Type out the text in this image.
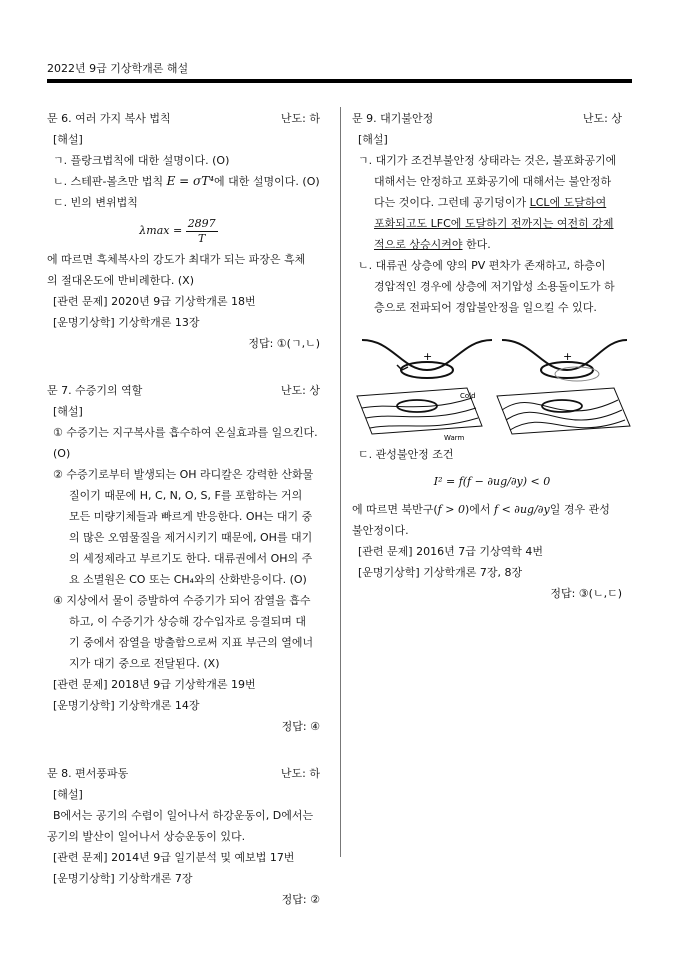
2022년 9급 기상학개론 해설
문 6. 여러 가지 복사 법칙	난도: 하
[해설]
ㄱ. 플랑크법칙에 대한 설명이다. (O)
ㄴ. 스테판-볼츠만 법칙 E = σT⁴에 대한 설명이다. (O)
ㄷ. 빈의 변위법칙
$\lambda\max = \frac{2897}{T}$
에 따르면 흑체복사의 강도가 최대가 되는 파장은 흑체
의 절대온도에 반비례한다. (X)
[관련 문제] 2020년 9급 기상학개론 18번
[운명기상학] 기상학개론 13장
정답: ①(ㄱ,ㄴ)
문 7. 수증기의 역할	난도: 상
[해설]
① 수증기는 지구복사를 흡수하여 온실효과를 일으킨다. (O)
② 수증기로부터 발생되는 OH 라디칼은 강력한 산화물
질이기 때문에 H, C, N, O, S, F를 포함하는 거의
모든 미량기체들과 빠르게 반응한다. OH는 대기 중
의 많은 오염물질을 제거시키기 때문에, OH를 대기
의 세정제라고 부르기도 한다. 대류권에서 OH의 주
요 소멸원은 CO 또는 CH₄와의 산화반응이다. (O)
④ 지상에서 물이 증발하여 수증기가 되어 잠열을 흡수
하고, 이 수증기가 상승해 강수입자로 응결되며 대
기 중에서 잠열을 방출함으로써 지표 부근의 열에너
지가 대기 중으로 전달된다. (X)
[관련 문제] 2018년 9급 기상학개론 19번
[운명기상학] 기상학개론 14장
정답: ④
문 8. 편서풍파동	난도: 하
[해설]
B에서는 공기의 수렴이 일어나서 하강운동이, D에서는
공기의 발산이 일어나서 상승운동이 있다.
[관련 문제] 2014년 9급 일기분석 및 예보법 17번
[운명기상학] 기상학개론 7장
정답: ②
문 9. 대기불안정	난도: 상
[해설]
ㄱ. 대기가 조건부불안정 상태라는 것은, 불포화공기에
대해서는 안정하고 포화공기에 대해서는 불안정하
다는 것이다. 그런데 공기덩이가 LCL에 도달하여
포화되고도 LFC에 도달하기 전까지는 여전히 강제
적으로 상승시켜야 한다.
ㄴ. 대류권 상층에 양의 PV 편차가 존재하고, 하층이
경압적인 경우에 상층에 저기압성 소용돌이도가 하
층으로 전파되어 경압불안정을 일으킬 수 있다.
+	+
Cold
Warm
ㄷ. 관성불안정 조건
I² = f(f − ∂ug/∂y) < 0
에 따르면 북반구(f > 0)에서 f < ∂ug/∂y일 경우 관성
불안정이다.
[관련 문제] 2016년 7급 기상역학 4번
[운명기상학] 기상학개론 7장, 8장
정답: ③(ㄴ,ㄷ)
